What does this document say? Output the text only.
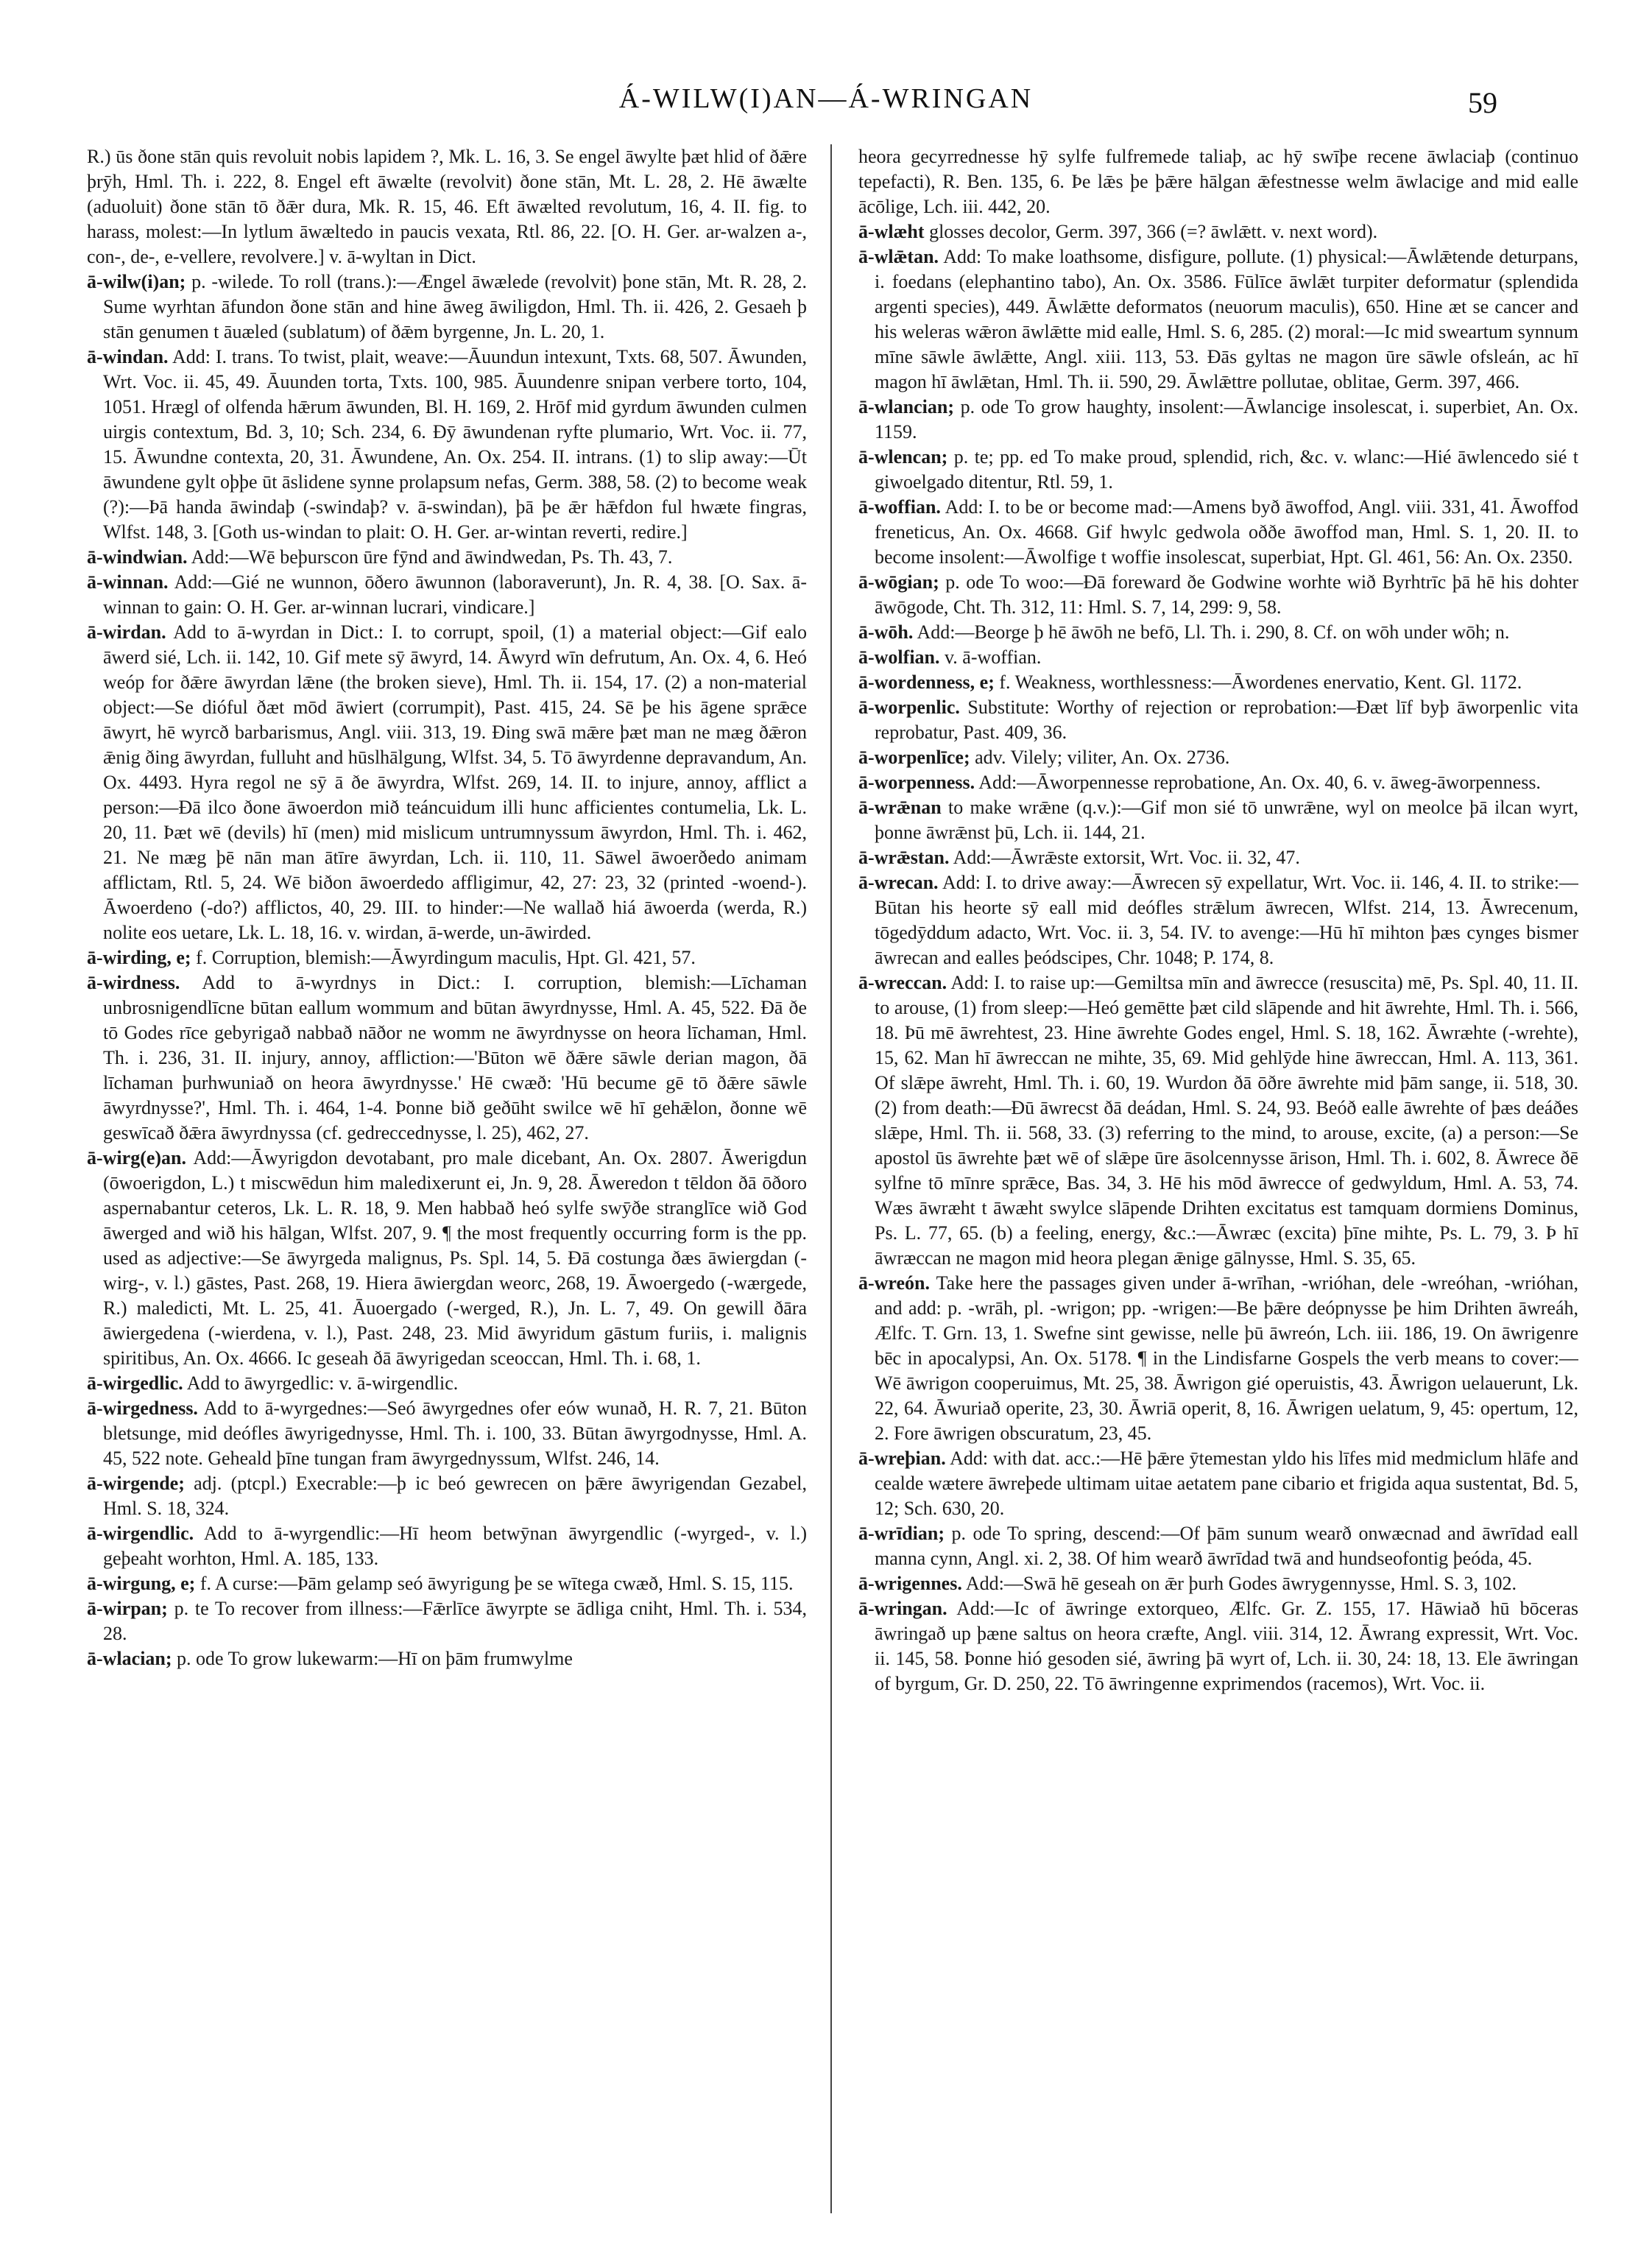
Á-WILW(I)AN—Á-WRINGAN	59

R.) ūs ðone stān quis revoluit nobis lapidem ?, Mk. L. 16, 3. Se engel āwylte þæt hlid of ðǣre þrȳh, Hml. Th. i. 222, 8. Engel eft āwælte (revolvit) ðone stān, Mt. L. 28, 2. Hē āwælte (aduoluit) ðone stān tō ðǣr dura, Mk. R. 15, 46. Eft āwælted revolutum, 16, 4. II. fig. to harass, molest:—In lytlum āwæltedo in paucis vexata, Rtl. 86, 22. [O. H. Ger. ar-walzen a-, con-, de-, e-vellere, revolvere.] v. ā-wyltan in Dict.

ā-wilw(i)an; p. -wilede. To roll (trans.):—Ængel āwælede (revolvit) þone stān, Mt. R. 28, 2. Sume wyrhtan āfundon ðone stān and hine āweg āwiligdon, Hml. Th. ii. 426, 2. Gesaeh þ stān genumen t āuæled (sublatum) of ðǣm byrgenne, Jn. L. 20, 1.

ā-windan. Add: I. trans. To twist, plait, weave:—Āuundun intexunt, Txts. 68, 507. Āwunden, Wrt. Voc. ii. 45, 49. Āuunden torta, Txts. 100, 985. Āuundenre snipan verbere torto, 104, 1051. Hrægl of olfenda hǣrum āwunden, Bl. H. 169, 2. Hrōf mid gyrdum āwunden culmen uirgis contextum, Bd. 3, 10; Sch. 234, 6. Ðȳ āwundenan ryfte plumario, Wrt. Voc. ii. 77, 15. Āwundne contexta, 20, 31. Āwundene, An. Ox. 254. II. intrans. (1) to slip away:—Ūt āwundene gylt oþþe ūt āslidene synne prolapsum nefas, Germ. 388, 58. (2) to become weak (?):—Þā handa āwindaþ (-swindaþ? v. ā-swindan), þā þe ǣr hǣfdon ful hwæte fingras, Wlfst. 148, 3. [Goth us-windan to plait: O. H. Ger. ar-wintan reverti, redire.]

ā-windwian. Add:—Wē beþurscon ūre fȳnd and āwindwedan, Ps. Th. 43, 7.

ā-winnan. Add:—Gié ne wunnon, ōðero āwunnon (laboraverunt), Jn. R. 4, 38. [O. Sax. ā-winnan to gain: O. H. Ger. ar-winnan lucrari, vindicare.]

ā-wirdan. Add to ā-wyrdan in Dict.: I. to corrupt, spoil, (1) a material object:—Gif ealo āwerd sié, Lch. ii. 142, 10. Gif mete sȳ āwyrd, 14. Āwyrd wīn defrutum, An. Ox. 4, 6. Heó weóp for ðǣre āwyrdan lǣne (the broken sieve), Hml. Th. ii. 154, 17. (2) a non-material object:—Se dióful ðæt mōd āwiert (corrumpit), Past. 415, 24. Sē þe his āgene sprǣce āwyrt, hē wyrcð barbarismus, Angl. viii. 313, 19. Ðing swā mǣre þæt man ne mæg ðǣron ǣnig ðing āwyrdan, fulluht and hūslhālgung, Wlfst. 34, 5. Tō āwyrdenne depravandum, An. Ox. 4493. Hyra regol ne sȳ ā ðe āwyrdra, Wlfst. 269, 14. II. to injure, annoy, afflict a person:—Ðā ilco ðone āwoerdon mið teáncuidum illi hunc afficientes contumelia, Lk. L. 20, 11. Þæt wē (devils) hī (men) mid mislicum untrumnyssum āwyrdon, Hml. Th. i. 462, 21. Ne mæg þē nān man ātīre āwyrdan, Lch. ii. 110, 11. Sāwel āwoerðedo animam afflictam, Rtl. 5, 24. Wē biðon āwoerdedo affligimur, 42, 27: 23, 32 (printed -woend-). Āwoerdeno (-do?) afflictos, 40, 29. III. to hinder:—Ne wallað hiá āwoerda (werda, R.) nolite eos uetare, Lk. L. 18, 16. v. wirdan, ā-werde, un-āwirded.

ā-wirding, e; f. Corruption, blemish:—Āwyrdingum maculis, Hpt. Gl. 421, 57.

ā-wirdness. Add to ā-wyrdnys in Dict.: I. corruption, blemish:—Līchaman unbrosnigendlīcne būtan eallum wommum and būtan āwyrdnysse, Hml. A. 45, 522. Ðā ðe tō Godes rīce gebyrigað nabbað nāðor ne womm ne āwyrdnysse on heora līchaman, Hml. Th. i. 236, 31. II. injury, annoy, affliction:—'Būton wē ðǣre sāwle derian magon, ðā līchaman þurhwuniað on heora āwyrdnysse.' Hē cwæð: 'Hū becume gē tō ðǣre sāwle āwyrdnysse?', Hml. Th. i. 464, 1-4. Þonne bið geðūht swilce wē hī gehǣlon, ðonne wē geswīcað ðǣra āwyrdnyssa (cf. gedreccednysse, l. 25), 462, 27.

ā-wirg(e)an. Add:—Āwyrigdon devotabant, pro male dicebant, An. Ox. 2807. Āwerigdun (ōwoerigdon, L.) t miscwēdun him maledixerunt ei, Jn. 9, 28. Āweredon t tēldon ðā ōðoro aspernabantur ceteros, Lk. L. R. 18, 9. Men habbað heó sylfe swȳðe stranglīce wið God āwerged and wið his hālgan, Wlfst. 207, 9. ¶ the most frequently occurring form is the pp. used as adjective:—Se āwyrgeda malignus, Ps. Spl. 14, 5. Ðā costunga ðæs āwiergdan (-wirg-, v. l.) gāstes, Past. 268, 19. Hiera āwiergdan weorc, 268, 19. Āwoergedo (-wærgede, R.) maledicti, Mt. L. 25, 41. Āuoergado (-werged, R.), Jn. L. 7, 49. On gewill ðāra āwiergedena (-wierdena, v. l.), Past. 248, 23. Mid āwyridum gāstum furiis, i. malignis spiritibus, An. Ox. 4666. Ic geseah ðā āwyrigedan sceoccan, Hml. Th. i. 68, 1.

ā-wirgedlic. Add to āwyrgedlic: v. ā-wirgendlic.

ā-wirgedness. Add to ā-wyrgednes:—Seó āwyrgednes ofer eów wunað, H. R. 7, 21. Būton bletsunge, mid deófles āwyrigednysse, Hml. Th. i. 100, 33. Būtan āwyrgodnysse, Hml. A. 45, 522 note. Geheald þīne tungan fram āwyrgednyssum, Wlfst. 246, 14.

ā-wirgende; adj. (ptcpl.) Execrable:—þ ic beó gewrecen on þǣre āwyrigendan Gezabel, Hml. S. 18, 324.

ā-wirgendlic. Add to ā-wyrgendlic:—Hī heom betwȳnan āwyrgendlic (-wyrged-, v. l.) geþeaht worhton, Hml. A. 185, 133.

ā-wirgung, e; f. A curse:—Þām gelamp seó āwyrigung þe se wītega cwæð, Hml. S. 15, 115.

ā-wirpan; p. te To recover from illness:—Fǣrlīce āwyrpte se ādliga cniht, Hml. Th. i. 534, 28.

ā-wlacian; p. ode To grow lukewarm:—Hī on þām frumwylme

heora gecyrrednesse hȳ sylfe fulfremede taliaþ, ac hȳ swīþe recene āwlaciaþ (continuo tepefacti), R. Ben. 135, 6. Þe lǣs þe þǣre hālgan ǣfestnesse welm āwlacige and mid ealle ācōlige, Lch. iii. 442, 20.

ā-wlæht glosses decolor, Germ. 397, 366 (=? āwlǣtt. v. next word).

ā-wlǣtan. Add: To make loathsome, disfigure, pollute. (1) physical:—Āwlǣtende deturpans, i. foedans (elephantino tabo), An. Ox. 3586. Fūlīce āwlǣt turpiter deformatur (splendida argenti species), 449. Āwlǣtte deformatos (neuorum maculis), 650. Hine æt se cancer and his weleras wǣron āwlǣtte mid ealle, Hml. S. 6, 285. (2) moral:—Ic mid sweartum synnum mīne sāwle āwlǣtte, Angl. xiii. 113, 53. Ðās gyltas ne magon ūre sāwle ofsleán, ac hī magon hī āwlǣtan, Hml. Th. ii. 590, 29. Āwlǣttre pollutae, oblitae, Germ. 397, 466.

ā-wlancian; p. ode To grow haughty, insolent:—Āwlancige insolescat, i. superbiet, An. Ox. 1159.

ā-wlencan; p. te; pp. ed To make proud, splendid, rich, &c. v. wlanc:—Hié āwlencedo sié t giwoelgado ditentur, Rtl. 59, 1.

ā-woffian. Add: I. to be or become mad:—Amens byð āwoffod, Angl. viii. 331, 41. Āwoffod freneticus, An. Ox. 4668. Gif hwylc gedwola oððe āwoffod man, Hml. S. 1, 20. II. to become insolent:—Āwolfige t woffie insolescat, superbiat, Hpt. Gl. 461, 56: An. Ox. 2350.

ā-wōgian; p. ode To woo:—Ðā foreward ðe Godwine worhte wið Byrhtrīc þā hē his dohter āwōgode, Cht. Th. 312, 11: Hml. S. 7, 14, 299: 9, 58.

ā-wōh. Add:—Beorge þ hē āwōh ne befō, Ll. Th. i. 290, 8. Cf. on wōh under wōh; n.

ā-wolfian. v. ā-woffian.

ā-wordenness, e; f. Weakness, worthlessness:—Āwordenes enervatio, Kent. Gl. 1172.

ā-worpenlic. Substitute: Worthy of rejection or reprobation:—Ðæt līf byþ āworpenlic vita reprobatur, Past. 409, 36.

ā-worpenlīce; adv. Vilely; viliter, An. Ox. 2736.

ā-worpenness. Add:—Āworpennesse reprobatione, An. Ox. 40, 6. v. āweg-āworpenness.

ā-wrǣnan to make wrǣne (q.v.):—Gif mon sié tō unwrǣne, wyl on meolce þā ilcan wyrt, þonne āwrǣnst þū, Lch. ii. 144, 21.

ā-wrǣstan. Add:—Āwrǣste extorsit, Wrt. Voc. ii. 32, 47.

ā-wrecan. Add: I. to drive away:—Āwrecen sȳ expellatur, Wrt. Voc. ii. 146, 4. II. to strike:—Būtan his heorte sȳ eall mid deófles strǣlum āwrecen, Wlfst. 214, 13. Āwrecenum, tōgedȳddum adacto, Wrt. Voc. ii. 3, 54. IV. to avenge:—Hū hī mihton þæs cynges bismer āwrecan and ealles þeódscipes, Chr. 1048; P. 174, 8.

ā-wreccan. Add: I. to raise up:—Gemiltsa mīn and āwrecce (resuscita) mē, Ps. Spl. 40, 11. II. to arouse, (1) from sleep:—Heó gemētte þæt cild slāpende and hit āwrehte, Hml. Th. i. 566, 18. Þū mē āwrehtest, 23. Hine āwrehte Godes engel, Hml. S. 18, 162. Āwræhte (-wrehte), 15, 62. Man hī āwreccan ne mihte, 35, 69. Mid gehlȳde hine āwreccan, Hml. A. 113, 361. Of slǣpe āwreht, Hml. Th. i. 60, 19. Wurdon ðā ōðre āwrehte mid þām sange, ii. 518, 30. (2) from death:—Ðū āwrecst ðā deádan, Hml. S. 24, 93. Beóð ealle āwrehte of þæs deáðes slǣpe, Hml. Th. ii. 568, 33. (3) referring to the mind, to arouse, excite, (a) a person:—Se apostol ūs āwrehte þæt wē of slǣpe ūre āsolcennysse ārison, Hml. Th. i. 602, 8. Āwrece ðē sylfne tō mīnre sprǣce, Bas. 34, 3. Hē his mōd āwrecce of gedwyldum, Hml. A. 53, 74. Wæs āwræht t āwæht swylce slāpende Drihten excitatus est tamquam dormiens Dominus, Ps. L. 77, 65. (b) a feeling, energy, &c.:—Āwræc (excita) þīne mihte, Ps. L. 79, 3. Þ hī āwræccan ne magon mid heora plegan ǣnige gālnysse, Hml. S. 35, 65.

ā-wreón. Take here the passages given under ā-wrīhan, -wrióhan, dele -wreóhan, -wrióhan, and add: p. -wrāh, pl. -wrigon; pp. -wrigen:—Be þǣre deópnysse þe him Drihten āwreáh, Ælfc. T. Grn. 13, 1. Swefne sint gewisse, nelle þū āwreón, Lch. iii. 186, 19. On āwrigenre bēc in apocalypsi, An. Ox. 5178. ¶ in the Lindisfarne Gospels the verb means to cover:—Wē āwrigon cooperuimus, Mt. 25, 38. Āwrigon gié operuistis, 43. Āwrigon uelauerunt, Lk. 22, 64. Āwuriað operite, 23, 30. Āwriā operit, 8, 16. Āwrigen uelatum, 9, 45: opertum, 12, 2. Fore āwrigen obscuratum, 23, 45.

ā-wreþian. Add: with dat. acc.:—Hē þǣre ȳtemestan yldo his līfes mid medmiclum hlāfe and cealde wætere āwreþede ultimam uitae aetatem pane cibario et frigida aqua sustentat, Bd. 5, 12; Sch. 630, 20.

ā-wrīdian; p. ode To spring, descend:—Of þām sunum wearð onwæcnad and āwrīdad eall manna cynn, Angl. xi. 2, 38. Of him wearð āwrīdad twā and hundseofontig þeóda, 45.

ā-wrigennes. Add:—Swā hē geseah on ǣr þurh Godes āwrygennysse, Hml. S. 3, 102.

ā-wringan. Add:—Ic of āwringe extorqueo, Ælfc. Gr. Z. 155, 17. Hāwiað hū bōceras āwringað up þæne saltus on heora cræfte, Angl. viii. 314, 12. Āwrang expressit, Wrt. Voc. ii. 145, 58. Þonne hió gesoden sié, āwring þā wyrt of, Lch. ii. 30, 24: 18, 13. Ele āwringan of byrgum, Gr. D. 250, 22. Tō āwringenne exprimendos (racemos), Wrt. Voc. ii.
